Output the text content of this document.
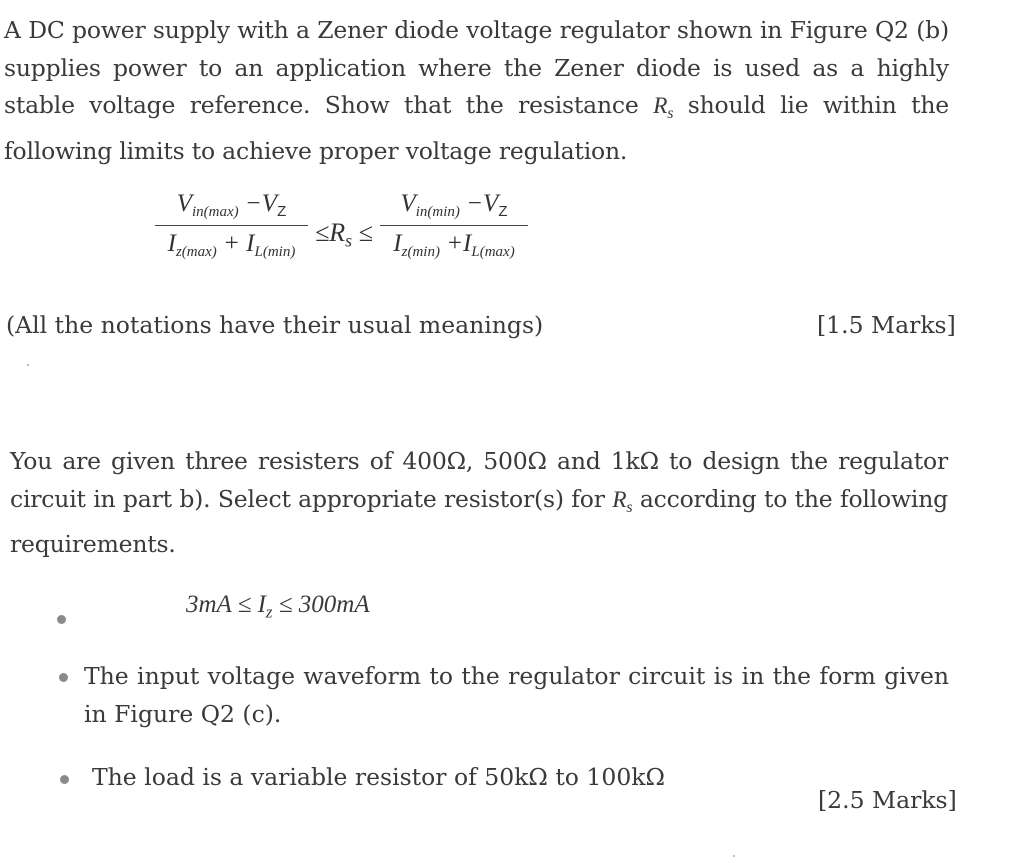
A DC power supply with a Zener diode voltage regulator shown in Figure Q2 (b) supplies power to an application where the Zener diode is used as a highly stable voltage reference. Show that the resistance $R_s$ should lie within the following limits to achieve proper voltage regulation.
$V_{in(max)} -V_Z$
$I_{z(max)} + I_{L(min)}$
$\le R_s$ ≤
$V_{in(min)} -V_Z$
$I_{z(min)} +I_{L(max)}$
(All the notations have their usual meanings)	[1.5 Marks]
You are given three resisters of 400Ω, 500Ω and 1kΩ to design the regulator circuit in part b). Select appropriate resistor(s) for $R_s$ according to the following requirements.
$3mA \le I_z \le 300mA$
The input voltage waveform to the regulator circuit is in the form given in Figure Q2 (c).
The load is a variable resistor of 50kΩ to 100kΩ
[2.5 Marks]
